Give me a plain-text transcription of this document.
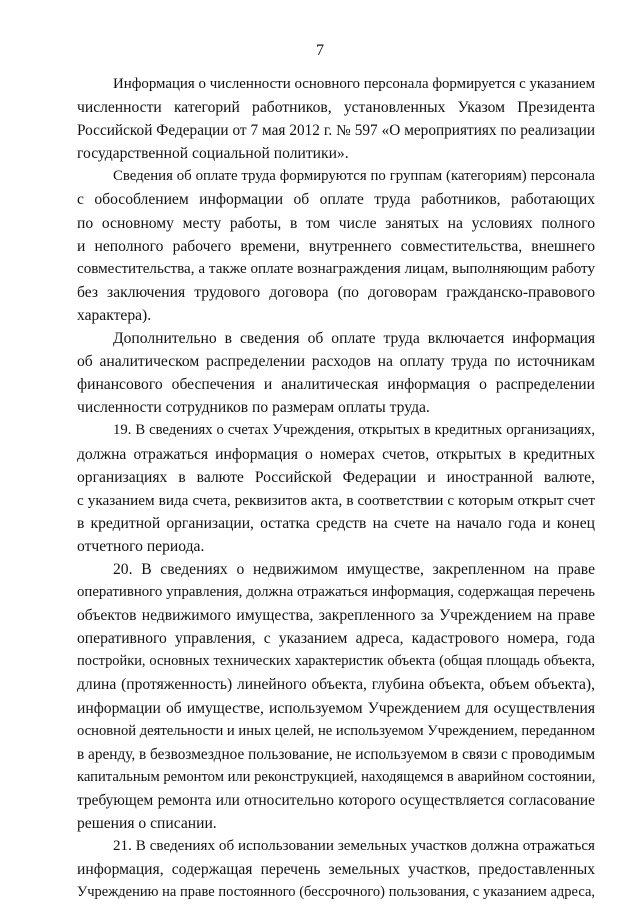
7
Информация о численности основного персонала формируется с указанием
численности категорий работников, установленных Указом Президента
Российской Федерации от 7 мая 2012 г. № 597 «О мероприятиях по реализации
государственной социальной политики».
Сведения об оплате труда формируются по группам (категориям) персонала
с обособлением информации об оплате труда работников, работающих
по основному месту работы, в том числе занятых на условиях полного
и неполного рабочего времени, внутреннего совместительства, внешнего
совместительства, а также оплате вознаграждения лицам, выполняющим работу
без заключения трудового договора (по договорам гражданско-правового
характера).
Дополнительно в сведения об оплате труда включается информация
об аналитическом распределении расходов на оплату труда по источникам
финансового обеспечения и аналитическая информация о распределении
численности сотрудников по размерам оплаты труда.
19. В сведениях о счетах Учреждения, открытых в кредитных организациях,
должна отражаться информация о номерах счетов, открытых в кредитных
организациях в валюте Российской Федерации и иностранной валюте,
с указанием вида счета, реквизитов акта, в соответствии с которым открыт счет
в кредитной организации, остатка средств на счете на начало года и конец
отчетного периода.
20. В сведениях о недвижимом имуществе, закрепленном на праве
оперативного управления, должна отражаться информация, содержащая перечень
объектов недвижимого имущества, закрепленного за Учреждением на праве
оперативного управления, с указанием адреса, кадастрового номера, года
постройки, основных технических характеристик объекта (общая площадь объекта,
длина (протяженность) линейного объекта, глубина объекта, объем объекта),
информации об имуществе, используемом Учреждением для осуществления
основной деятельности и иных целей, не используемом Учреждением, переданном
в аренду, в безвозмездное пользование, не используемом в связи с проводимым
капитальным ремонтом или реконструкцией, находящемся в аварийном состоянии,
требующем ремонта или относительно которого осуществляется согласование
решения о списании.
21. В сведениях об использовании земельных участков должна отражаться
информация, содержащая перечень земельных участков, предоставленных
Учреждению на праве постоянного (бессрочного) пользования, с указанием адреса,
